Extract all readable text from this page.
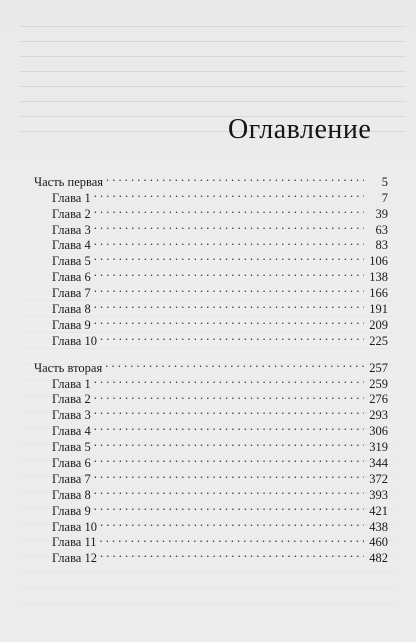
Оглавление
Часть первая . . .	5
Глава 1 . . .	7
Глава 2 . . .	39
Глава 3 . . .	63
Глава 4 . . .	83
Глава 5 . . .	106
Глава 6 . . .	138
Глава 7 . . .	166
Глава 8 . . .	191
Глава 9 . . .	209
Глава 10 . . .	225
Часть вторая . . .	257
Глава 1 . . .	259
Глава 2 . . .	276
Глава 3 . . .	293
Глава 4 . . .	306
Глава 5 . . .	319
Глава 6 . . .	344
Глава 7 . . .	372
Глава 8 . . .	393
Глава 9 . . .	421
Глава 10 . . .	438
Глава 11 . . .	460
Глава 12 . . .	482
